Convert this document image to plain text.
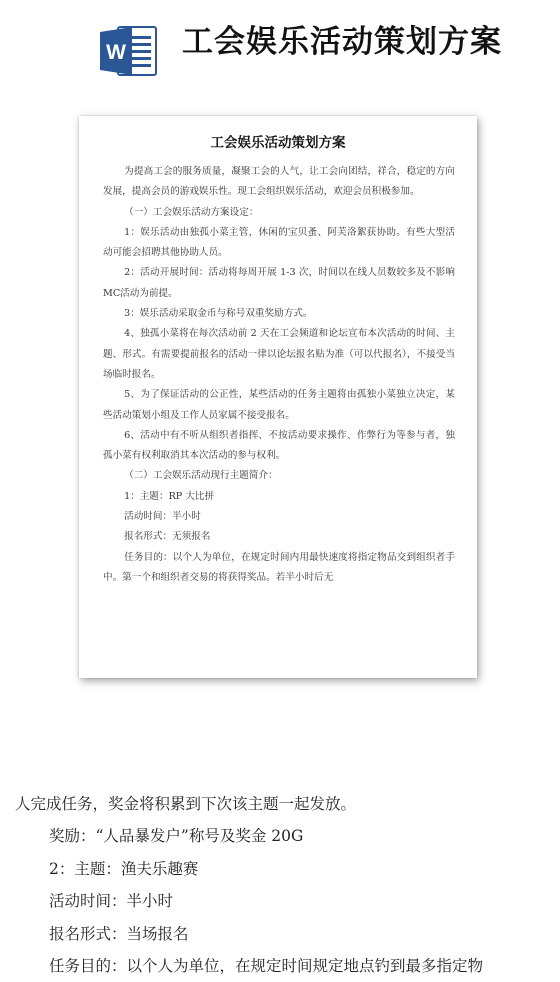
W 工会娱乐活动策划方案
工会娱乐活动策划方案

为提高工会的服务质量，凝聚工会的人气，让工会向团结，祥合，稳定的方向发展，提高会员的游戏娱乐性。现工会组织娱乐活动，欢迎会员积极参加。

（一）工会娱乐活动方案设定：

1：娱乐活动由独孤小菜主管，休闲的宝贝蚤、阿芙洛絮获协助。有些大型活动可能会招聘其他协助人员。

2：活动开展时间：活动将每周开展 1-3 次，时间以在线人员数较多及不影响MC活动为前提。

3：娱乐活动采取金币与称号双重奖励方式。

4、独孤小菜将在每次活动前 2 天在工会频道和论坛宣布本次活动的时间、主题、形式。有需要提前报名的活动一律以论坛报名贴为准（可以代报名），不接受当场临时报名。

5、为了保证活动的公正性，某些活动的任务主题将由孤独小菜独立决定，某些活动策划小组及工作人员家属不接受报名。

6、活动中有不听从组织者指挥、不按活动要求操作、作弊行为等参与者，独孤小菜有权利取消其本次活动的参与权利。

（二）工会娱乐活动现行主题简介：

1：主题：RP 大比拼

活动时间：半小时

报名形式：无须报名

任务目的：以个人为单位，在规定时间内用最快速度将指定物品交到组织者手中。第一个和组织者交易的将获得奖品。若半小时后无

人完成任务，奖金将积累到下次该主题一起发放。

奖励：“人品暴发户”称号及奖金 20G

2：主题：渔夫乐趣赛

活动时间：半小时

报名形式：当场报名

任务目的：以个人为单位，在规定时间规定地点钓到最多指定物
